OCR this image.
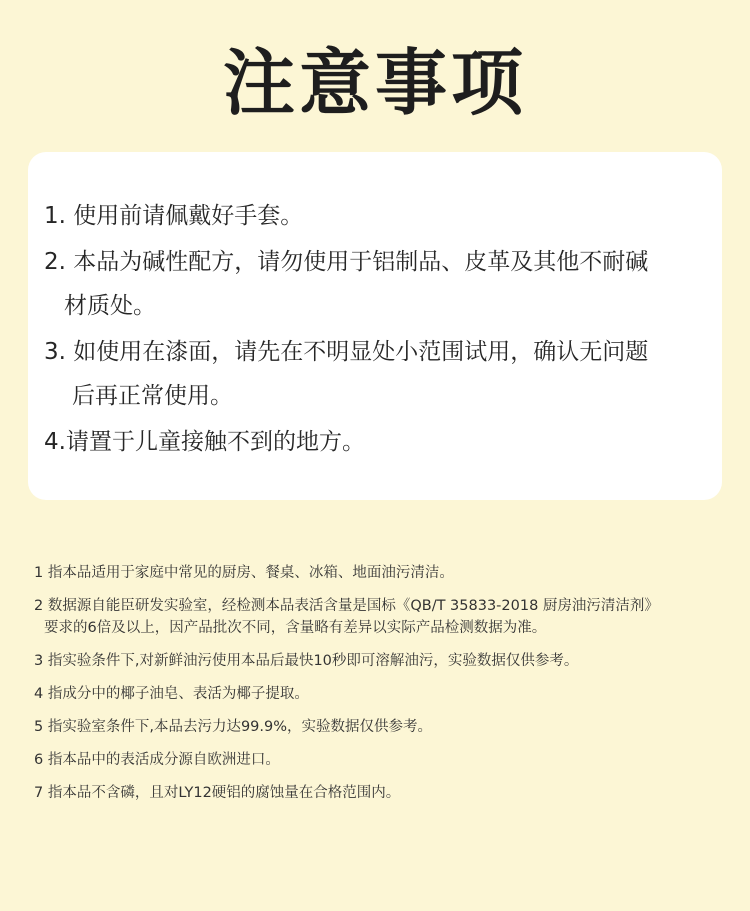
注意事项
1. 使用前请佩戴好手套。
2. 本品为碱性配方，请勿使用于铝制品、皮革及其他不耐碱
材质处。
3. 如使用在漆面，请先在不明显处小范围试用，确认无问题
后再正常使用。
4.请置于儿童接触不到的地方。
1 指本品适用于家庭中常见的厨房、餐桌、冰箱、地面油污清洁。
2 数据源自能臣研发实验室，经检测本品表活含量是国标《QB/T 35833-2018 厨房油污清洁剂》
要求的6倍及以上，因产品批次不同，含量略有差异以实际产品检测数据为准。
3 指实验条件下,对新鲜油污使用本品后最快10秒即可溶解油污，实验数据仅供参考。
4 指成分中的椰子油皂、表活为椰子提取。
5 指实验室条件下,本品去污力达99.9%，实验数据仅供参考。
6 指本品中的表活成分源自欧洲进口。
7 指本品不含磷，且对LY12硬铝的腐蚀量在合格范围内。
